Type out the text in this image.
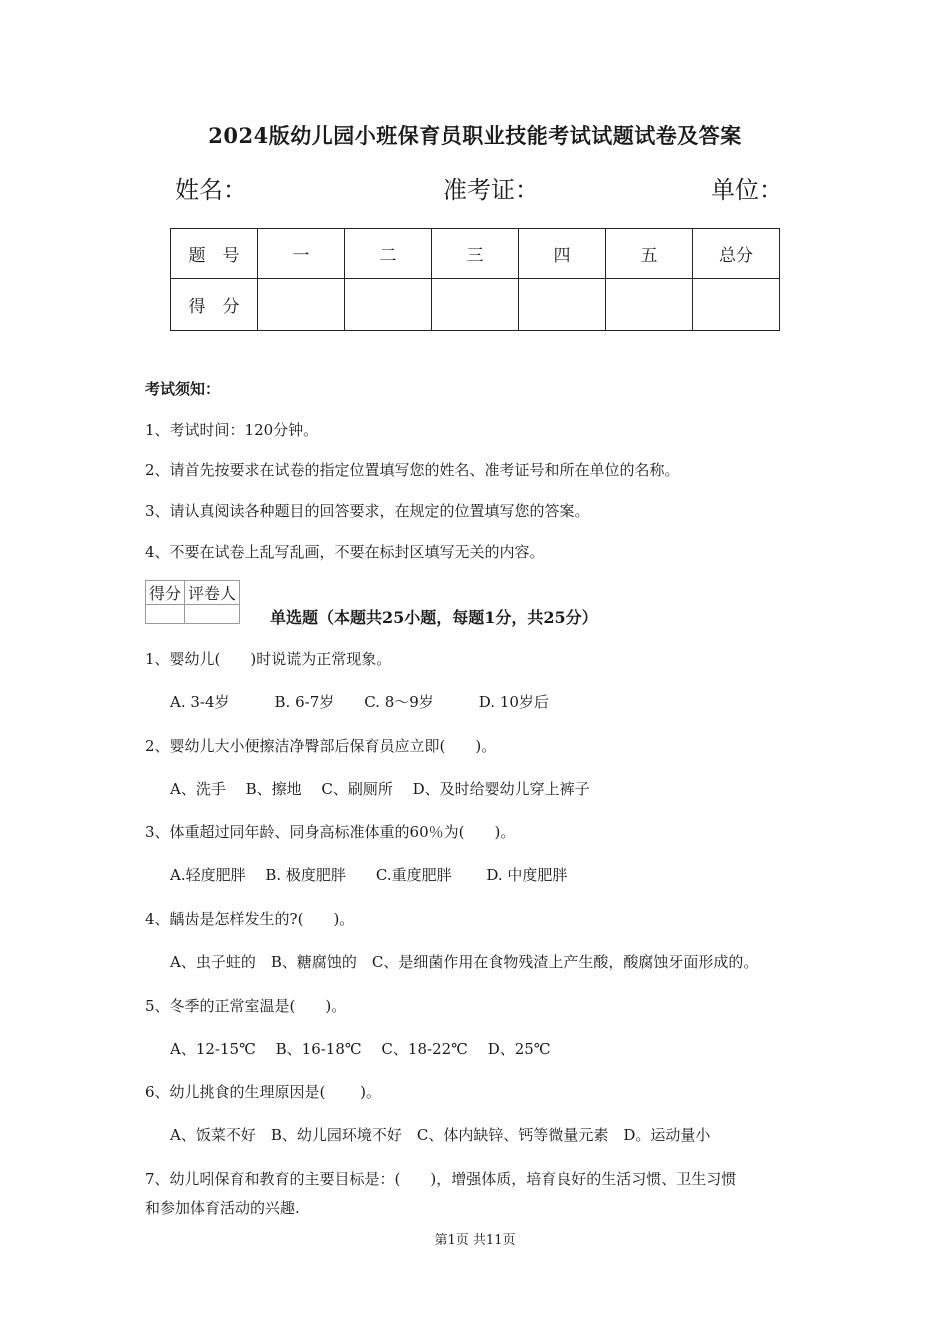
2024版幼儿园小班保育员职业技能考试试题试卷及答案
姓名：	准考证：	单位：
题　号	一	二	三	四	五	总分
得　分						
考试须知：
1、考试时间：120分钟。
2、请首先按要求在试卷的指定位置填写您的姓名、准考证号和所在单位的名称。
3、请认真阅读各种题目的回答要求，在规定的位置填写您的答案。
4、不要在试卷上乱写乱画，不要在标封区填写无关的内容。
得分	评卷人

单选题（本题共25小题，每题1分，共25分）
1、婴幼儿(　　)时说谎为正常现象。
A. 3-4岁　　　B. 6-7岁　　C. 8～9岁　　　D. 10岁后
2、婴幼儿大小便擦洁净臀部后保育员应立即(　　)。
A、洗手　 B、擦地　 C、刷厕所　 D、及时给婴幼儿穿上裤子
3、体重超过同年龄、同身高标准体重的60％为(　　)。
A.轻度肥胖　 B. 极度肥胖　　C.重度肥胖　　 D. 中度肥胖
4、龋齿是怎样发生的?(　　)。
A、虫子蛀的　B、糖腐蚀的　C、是细菌作用在食物残渣上产生酸，酸腐蚀牙面形成的。
5、冬季的正常室温是(　　)。
A、12-15℃　 B、16-18℃　 C、18-22℃　 D、25℃
6、幼儿挑食的生理原因是(　　 )。
A、饭菜不好　B、幼儿园环境不好　C、体内缺锌、钙等微量元素　D。运动量小
7、幼儿吲保育和教育的主要目标是：(　　)，增强体质，培育良好的生活习惯、卫生习惯
和参加体育活动的兴趣.
第1页 共11页
